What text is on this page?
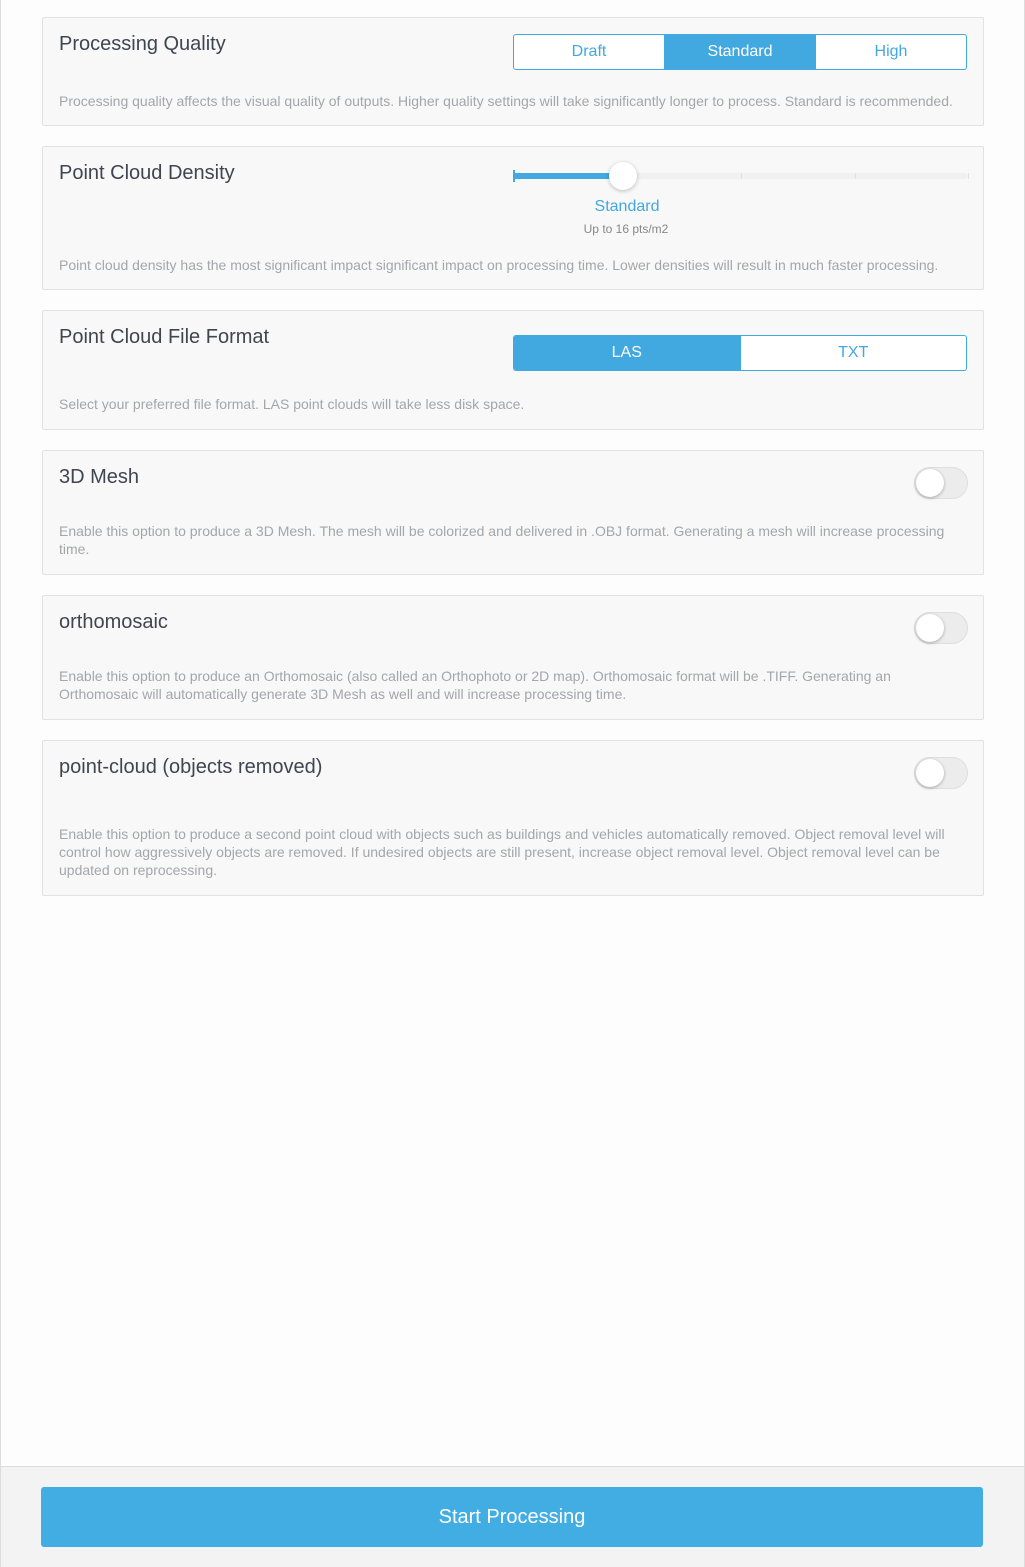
Processing Quality	Draft	Standard	High
Processing quality affects the visual quality of outputs. Higher quality settings will take significantly longer to process. Standard is recommended.
Point Cloud Density
Standard
Up to 16 pts/m2
Point cloud density has the most significant impact significant impact on processing time. Lower densities will result in much faster processing.
Point Cloud File Format
LAS	TXT
Select your preferred file format. LAS point clouds will take less disk space.
3D Mesh
Enable this option to produce a 3D Mesh. The mesh will be colorized and delivered in .OBJ format. Generating a mesh will increase processing time.
orthomosaic
Enable this option to produce an Orthomosaic (also called an Orthophoto or 2D map). Orthomosaic format will be .TIFF. Generating an Orthomosaic will automatically generate 3D Mesh as well and will increase processing time.
point-cloud (objects removed)
Enable this option to produce a second point cloud with objects such as buildings and vehicles automatically removed. Object removal level will control how aggressively objects are removed. If undesired objects are still present, increase object removal level. Object removal level can be updated on reprocessing.
Start Processing
